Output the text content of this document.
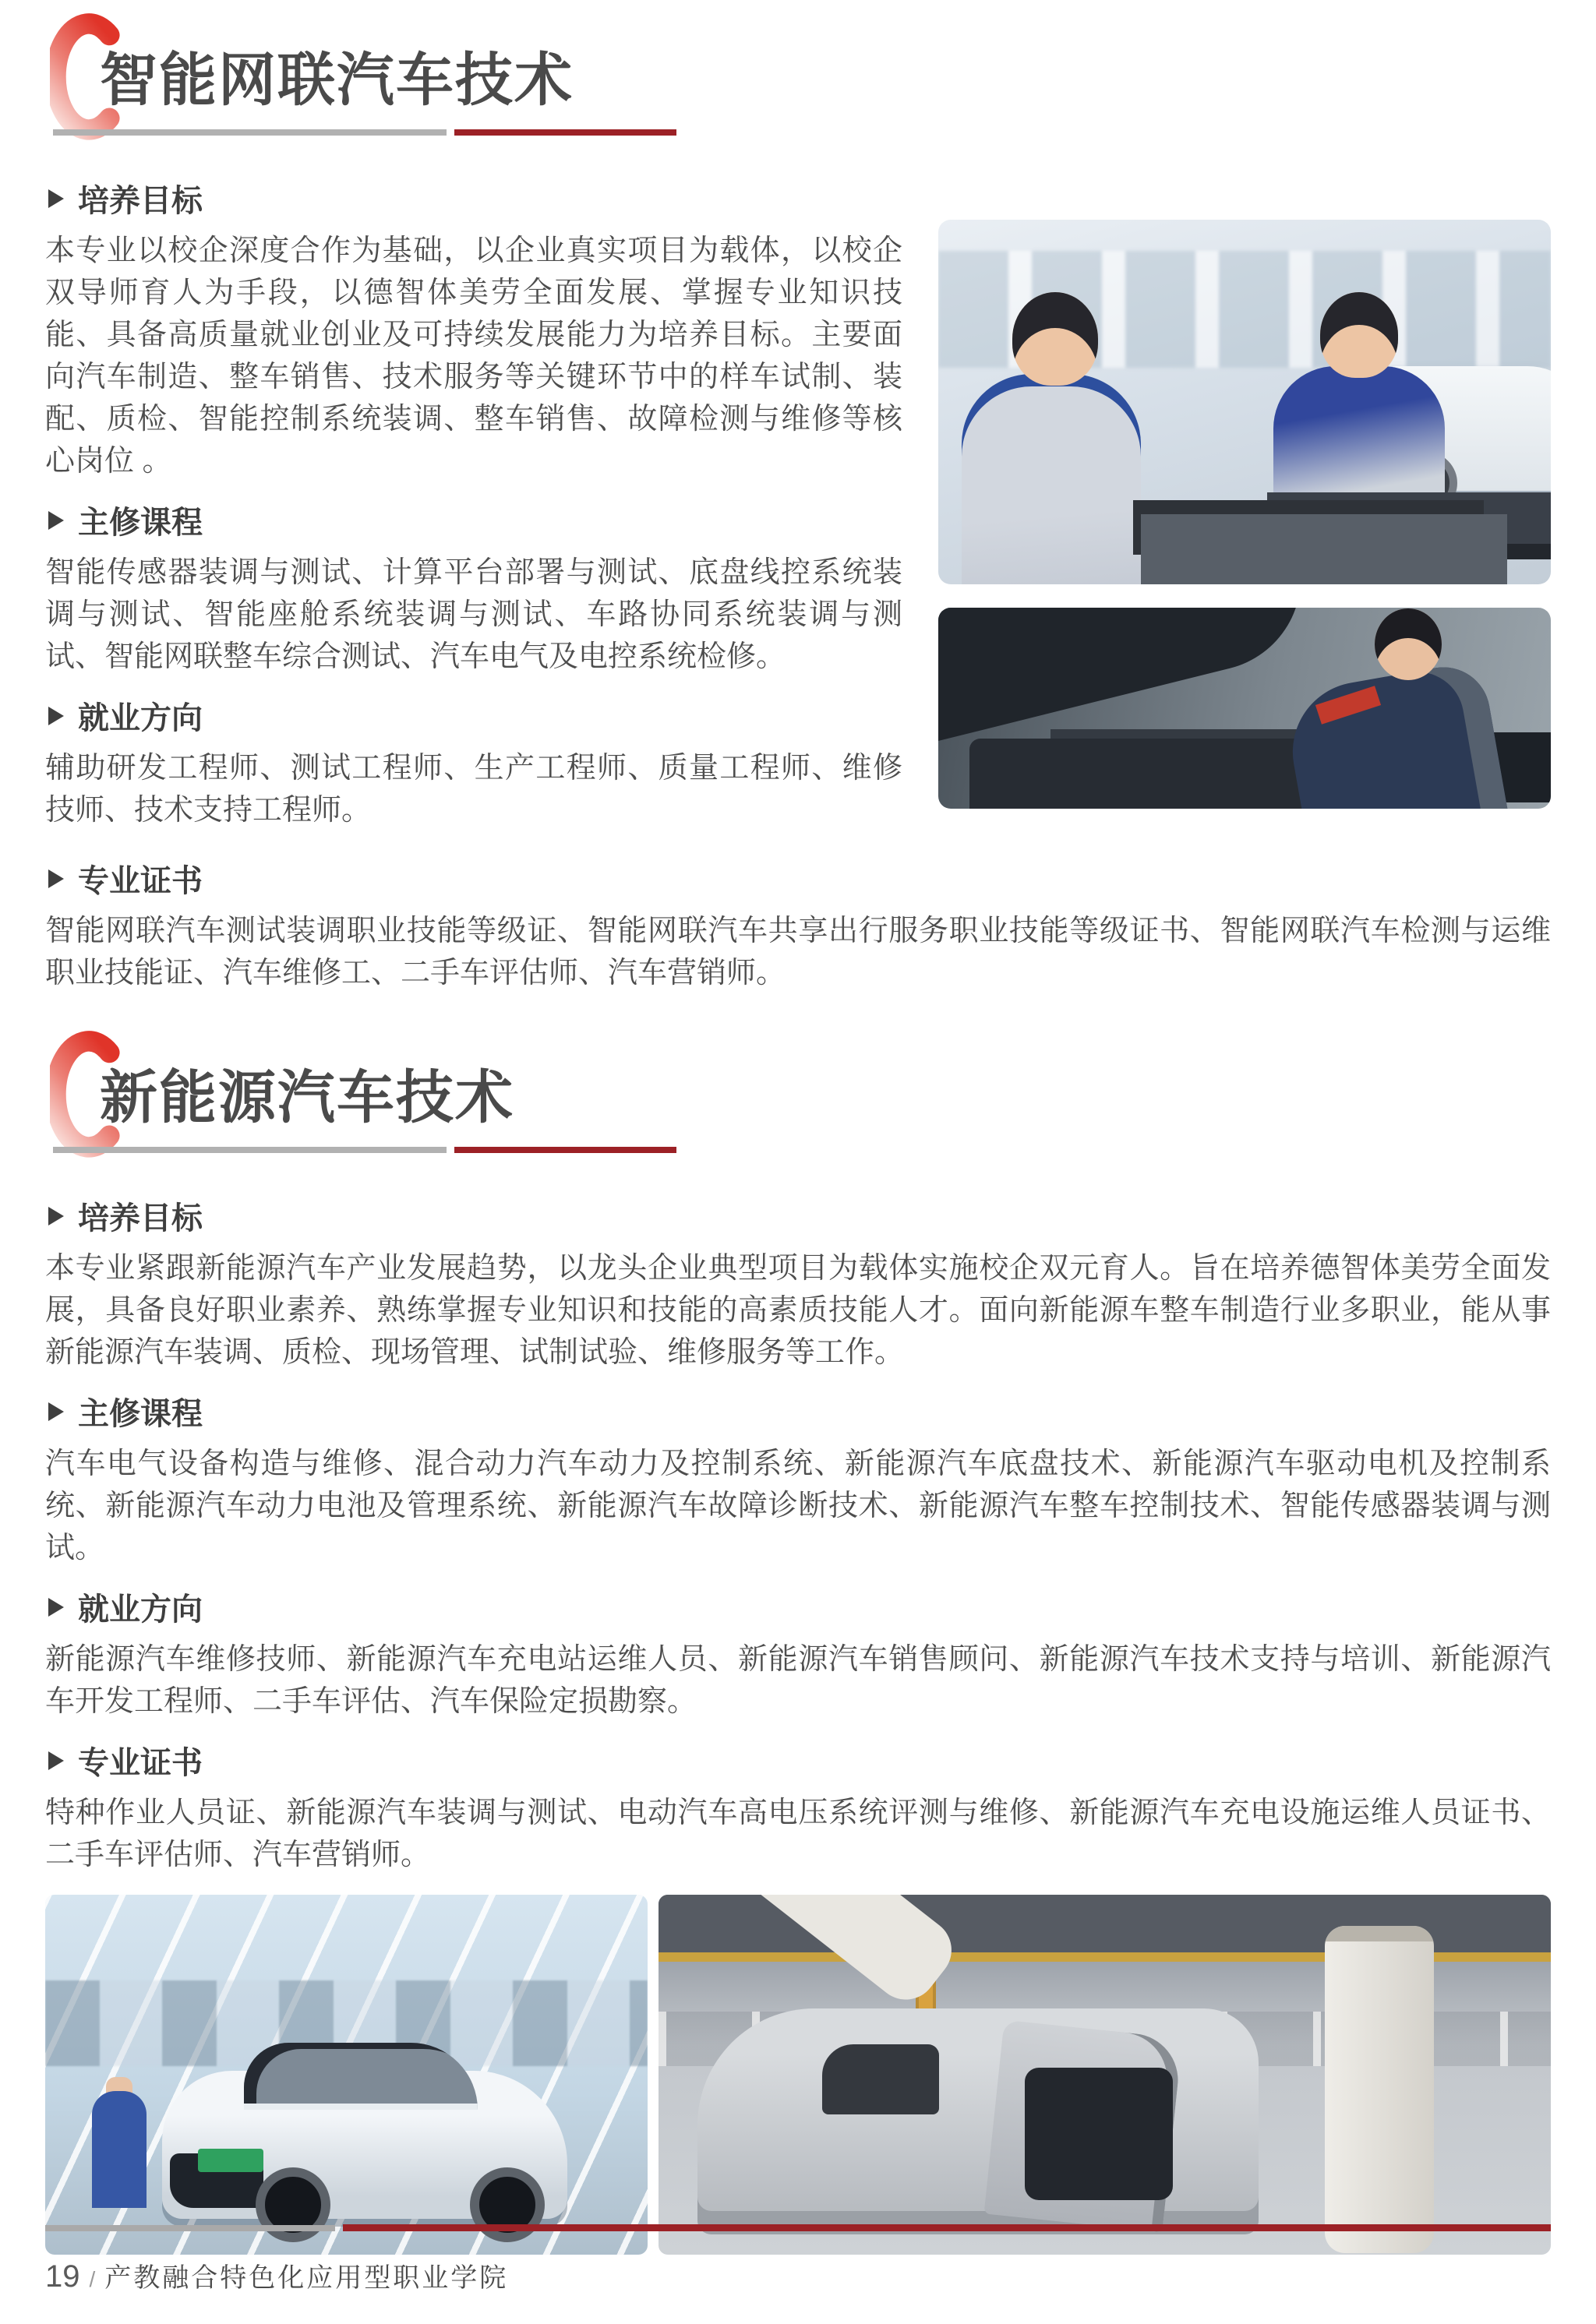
智能网联汽车技术
培养目标

本专业以校企深度合作为基础，以企业真实项目为载体，以校企双导师育人为手段，以德智体美劳全面发展、掌握专业知识技能、具备高质量就业创业及可持续发展能力为培养目标。主要面向汽车制造、整车销售、技术服务等关键环节中的样车试制、装配、质检、智能控制系统装调、整车销售、故障检测与维修等核心岗位 。

主修课程

智能传感器装调与测试、计算平台部署与测试、底盘线控系统装调与测试、智能座舱系统装调与测试、车路协同系统装调与测试、智能网联整车综合测试、汽车电气及电控系统检修。

就业方向

辅助研发工程师、测试工程师、生产工程师、质量工程师、维修技师、技术支持工程师。

专业证书

智能网联汽车测试装调职业技能等级证、智能网联汽车共享出行服务职业技能等级证书、智能网联汽车检测与运维职业技能证、汽车维修工、二手车评估师、汽车营销师。

新能源汽车技术
培养目标

本专业紧跟新能源汽车产业发展趋势，以龙头企业典型项目为载体实施校企双元育人。旨在培养德智体美劳全面发展，具备良好职业素养、熟练掌握专业知识和技能的高素质技能人才。面向新能源车整车制造行业多职业，能从事新能源汽车装调、质检、现场管理、试制试验、维修服务等工作。

主修课程

汽车电气设备构造与维修、混合动力汽车动力及控制系统、新能源汽车底盘技术、新能源汽车驱动电机及控制系统、新能源汽车动力电池及管理系统、新能源汽车故障诊断技术、新能源汽车整车控制技术、智能传感器装调与测试。

就业方向

新能源汽车维修技师、新能源汽车充电站运维人员、新能源汽车销售顾问、新能源汽车技术支持与培训、新能源汽车开发工程师、二手车评估、汽车保险定损勘察。

专业证书

特种作业人员证、新能源汽车装调与测试、电动汽车高电压系统评测与维修、新能源汽车充电设施运维人员证书、二手车评估师、汽车营销师。

19 / 产教融合特色化应用型职业学院
